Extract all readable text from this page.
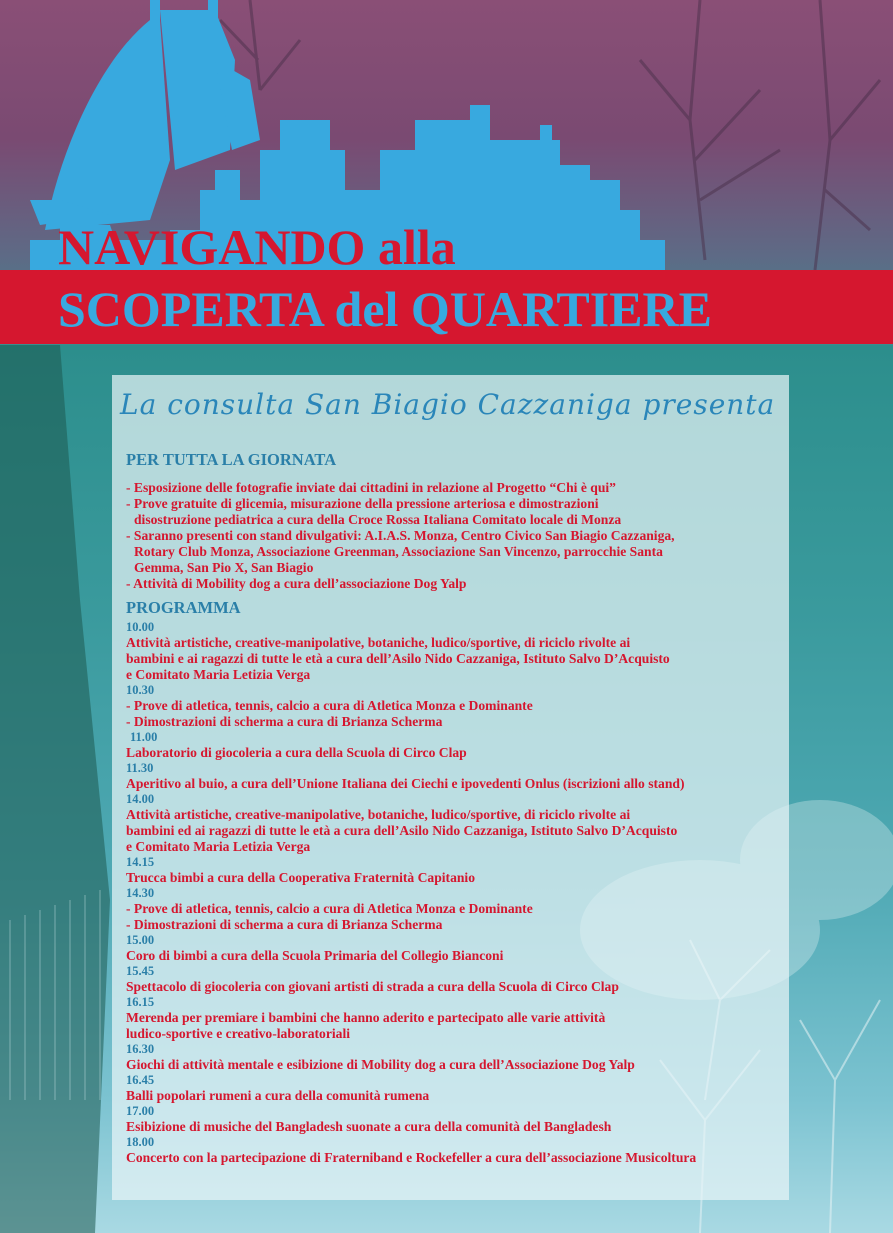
NAVIGANDO alla
SCOPERTA del QUARTIERE
La consulta San Biagio Cazzaniga presenta
PER TUTTA LA GIORNATA
- Esposizione delle fotografie inviate dai cittadini in relazione al Progetto “Chi è qui”
- Prove gratuite di glicemia, misurazione della pressione arteriosa e dimostrazioni
disostruzione pediatrica a cura della Croce Rossa Italiana Comitato locale di Monza
- Saranno presenti con stand divulgativi: A.I.A.S. Monza, Centro Civico San Biagio Cazzaniga,
Rotary Club Monza, Associazione Greenman, Associazione San Vincenzo, parrocchie Santa
Gemma, San Pio X, San Biagio
- Attività di Mobility dog a cura dell’associazione Dog Yalp
PROGRAMMA
10.00
Attività artistiche, creative-manipolative, botaniche, ludico/sportive, di riciclo rivolte ai
bambini e ai ragazzi di tutte le età a cura dell’Asilo Nido Cazzaniga, Istituto Salvo D’Acquisto
e Comitato Maria Letizia Verga
10.30
- Prove di atletica, tennis, calcio a cura di Atletica Monza e Dominante
- Dimostrazioni di scherma a cura di Brianza Scherma
11.00
Laboratorio di giocoleria a cura della Scuola di Circo Clap
11.30
Aperitivo al buio, a cura dell’Unione Italiana dei Ciechi e ipovedenti Onlus (iscrizioni allo stand)
14.00
Attività artistiche, creative-manipolative, botaniche, ludico/sportive, di riciclo rivolte ai
bambini ed ai ragazzi di tutte le età a cura dell’Asilo Nido Cazzaniga, Istituto Salvo D’Acquisto
e Comitato Maria Letizia Verga
14.15
Trucca bimbi a cura della Cooperativa Fraternità Capitanio
14.30
- Prove di atletica, tennis, calcio a cura di Atletica Monza e Dominante
- Dimostrazioni di scherma a cura di Brianza Scherma
15.00
Coro di bimbi a cura della Scuola Primaria del Collegio Bianconi
15.45
Spettacolo di giocoleria con giovani artisti di strada a cura della Scuola di Circo Clap
16.15
Merenda per premiare i bambini che hanno aderito e partecipato alle varie attività
ludico-sportive e creativo-laboratoriali
16.30
Giochi di attività mentale e esibizione di Mobility dog a cura dell’Associazione Dog Yalp
16.45
Balli popolari rumeni a cura della comunità rumena
17.00
Esibizione di musiche del Bangladesh suonate a cura della comunità del Bangladesh
18.00
Concerto con la partecipazione di Fraterniband e Rockefeller a cura dell’associazione Musicoltura
